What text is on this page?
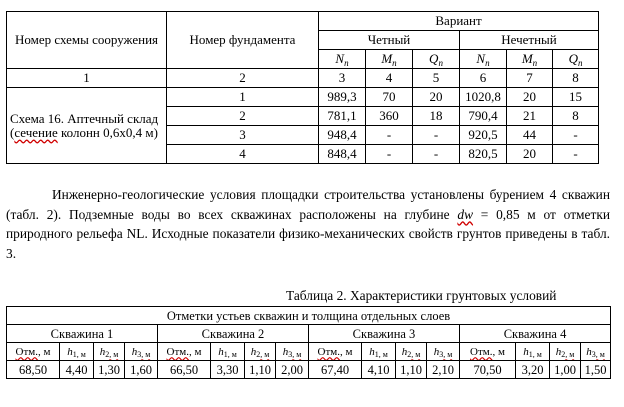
Номер схемы сооружения	Номер фундамента	Вариант					
		Четный			Нечетный		
		$N_n$	$M_n$	$Q_n$	$N_n$	$M_n$	$Q_n$
1	2	3	4	5	6	7	8
Схема 16. Аптечный склад
(сечение колонн 0,6х0,4 м)	1	989,3	70	20	1020,8	20	15
	2	781,1	360	18	790,4	21	8
	3	948,4	-	-	920,5	44	-
	4	848,4	-	-	820,5	20	-

Инженерно-геологические условия площадки строительства установлены бурением 4 скважин (табл. 2). Подземные воды во всех скважинах расположены на глубине dw = 0,85 м от отметки природного рельефа NL. Исходные показатели физико-механических свойств грунтов приведены в табл. 3.

Таблица 2. Характеристики грунтовых условий
Отметки устьев скважин и толщина отдельных слоев															
Скважина 1				Скважина 2				Скважина 3				Скважина 4			
Отм., м	$h_{1, м}$	$h_{2, м}$	$h_{3, м}$	Отм., м	$h_{1, м}$	$h_{2, м}$	$h_{3, м}$	Отм., м	$h_{1, м}$	$h_{2, м}$	$h_{3, м}$	Отм., м	$h_{1, м}$	$h_{2, м}$	$h_{3, м}$
68,50	4,40	1,30	1,60	66,50	3,30	1,10	2,00	67,40	4,10	1,10	2,10	70,50	3,20	1,00	1,50
